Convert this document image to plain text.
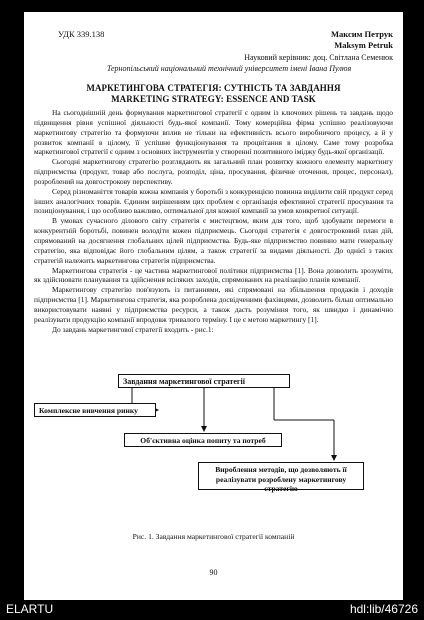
УДК 339.138	Максим Петрук
Maksym Petruk
Науковий керівник: доц. Світлана Семенюк
Тернопільський національний технічний університет імені Івана Пулюя
МАРКЕТИНГОВА СТРАТЕГІЯ: СУТНІСТЬ ТА ЗАВДАННЯ
MARKETING STRATEGY: ESSENCE AND TASK

На сьогоднішній день формування маркетингової стратегії є одним із ключових рішень та завдань щодо підвищення рівня успішної діяльності будь-якої компанії. Тому комерційна фірма успішно реалізовуючи маркетингову стратегію та формуючи вплив не тільки на ефективність всього виробничого процесу, а й у розвиток компанії в цілому, її успішне функціонування та процвітання в цілому. Саме тому розробка маркетингової стратегії є одним з основних інструментів у створенні позитивного іміджу будь-якої організації.

Сьогодні маркетингову стратегію розглядають як загальний план розвитку кожного елементу маркетингу підприємства (продукт, товар або послуга, розподіл, ціна, просування, фізичне оточення, процес, персонал), розроблений на довгострокову перспективу.

Серед різноманіття товарів кожна компанія у боротьбі з конкуренцією повинна виділити свій продукт серед інших аналогічних товарів. Єдиним вирішенням цих проблем є організація ефективної стратегії просування та позиціонування, і що особливо важливо, оптимальної для кожної компанії за умов конкретної ситуації.

В умовах сучасного ділового світу стратегія є мистецтвом, яким для того, щоб здобувати перемоги в конкурентній боротьбі, повинен володіти кожен підприємець. Сьогодні стратегія є довгостроковий план дій, спрямований на досягнення глобальних цілей підприємства. Будь-яке підприємство повинно мати генеральну стратегію, яка відповідає його глобальним цілям, а також стратегії за видами діяльності. До однієї з таких стратегій належить маркетингова стратегія підприємства.

Маркетингова стратегія - це частина маркетингової політики підприємства [1]. Вона дозволить зрозуміти, як здійснювати планування та здійснення всіляких заходів, спрямованих на реалізацію планів компанії.

Маркетингову стратегію пов'язують із питаннями, які спрямовані на збільшення продажів і доходів підприємства [1]. Маркетингова стратегія, яка розроблена досвідченими фахівцями, дозволить більш оптимально використовувати наявні у підприємства ресурси, а також дасть розуміння того, як швидко і динамічно реалізувати продукцію компанії впродовж тривалого терміну. І це є метою маркетингу [1].

До завдань маркетингової стратегії входить - рис.1:

Завдання маркетингової стратегії
Комплексне вивчення ринку
Об'єктивна оцінка попиту та потреб
Вироблення методів, що дозволяють її реалізувати розроблену маркетингову стратегію
Рис. 1. Завдання маркетингової стратегії компаній
90
ELARTU	hdl:lib/46726
